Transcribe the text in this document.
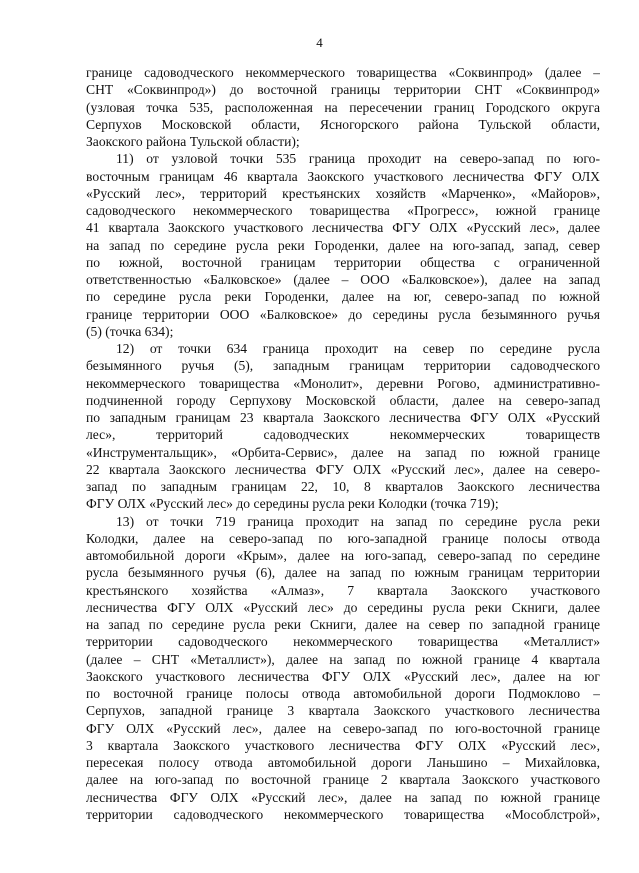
4
границе садоводческого некоммерческого товарищества «Соквинпрод» (далее –
СНТ «Соквинпрод») до восточной границы территории СНТ «Соквинпрод»
(узловая точка 535, расположенная на пересечении границ Городского округа
Серпухов Московской области, Ясногорского района Тульской области,
Заокского района Тульской области);
11) от узловой точки 535 граница проходит на северо-запад по юго-
восточным границам 46 квартала Заокского участкового лесничества ФГУ ОЛХ
«Русский лес», территорий крестьянских хозяйств «Марченко», «Майоров»,
садоводческого некоммерческого товарищества «Прогресс», южной границе
41 квартала Заокского участкового лесничества ФГУ ОЛХ «Русский лес», далее
на запад по середине русла реки Городенки, далее на юго-запад, запад, север
по южной, восточной границам территории общества с ограниченной
ответственностью «Балковское» (далее – ООО «Балковское»), далее на запад
по середине русла реки Городенки, далее на юг, северо-запад по южной
границе территории ООО «Балковское» до середины русла безымянного ручья
(5) (точка 634);
12) от точки 634 граница проходит на север по середине русла
безымянного ручья (5), западным границам территории садоводческого
некоммерческого товарищества «Монолит», деревни Рогово, административно-
подчиненной городу Серпухову Московской области, далее на северо-запад
по западным границам 23 квартала Заокского лесничества ФГУ ОЛХ «Русский
лес», территорий садоводческих некоммерческих товариществ
«Инструментальщик», «Орбита-Сервис», далее на запад по южной границе
22 квартала Заокского лесничества ФГУ ОЛХ «Русский лес», далее на северо-
запад по западным границам 22, 10, 8 кварталов Заокского лесничества
ФГУ ОЛХ «Русский лес» до середины русла реки Колодки (точка 719);
13) от точки 719 граница проходит на запад по середине русла реки
Колодки, далее на северо-запад по юго-западной границе полосы отвода
автомобильной дороги «Крым», далее на юго-запад, северо-запад по середине
русла безымянного ручья (6), далее на запад по южным границам территории
крестьянского хозяйства «Алмаз», 7 квартала Заокского участкового
лесничества ФГУ ОЛХ «Русский лес» до середины русла реки Скниги, далее
на запад по середине русла реки Скниги, далее на север по западной границе
территории садоводческого некоммерческого товарищества «Металлист»
(далее – СНТ «Металлист»), далее на запад по южной границе 4 квартала
Заокского участкового лесничества ФГУ ОЛХ «Русский лес», далее на юг
по восточной границе полосы отвода автомобильной дороги Подмоклово –
Серпухов, западной границе 3 квартала Заокского участкового лесничества
ФГУ ОЛХ «Русский лес», далее на северо-запад по юго-восточной границе
3 квартала Заокского участкового лесничества ФГУ ОЛХ «Русский лес»,
пересекая полосу отвода автомобильной дороги Ланьшино – Михайловка,
далее на юго-запад по восточной границе 2 квартала Заокского участкового
лесничества ФГУ ОЛХ «Русский лес», далее на запад по южной границе
территории садоводческого некоммерческого товарищества «Мособлстрой»,
